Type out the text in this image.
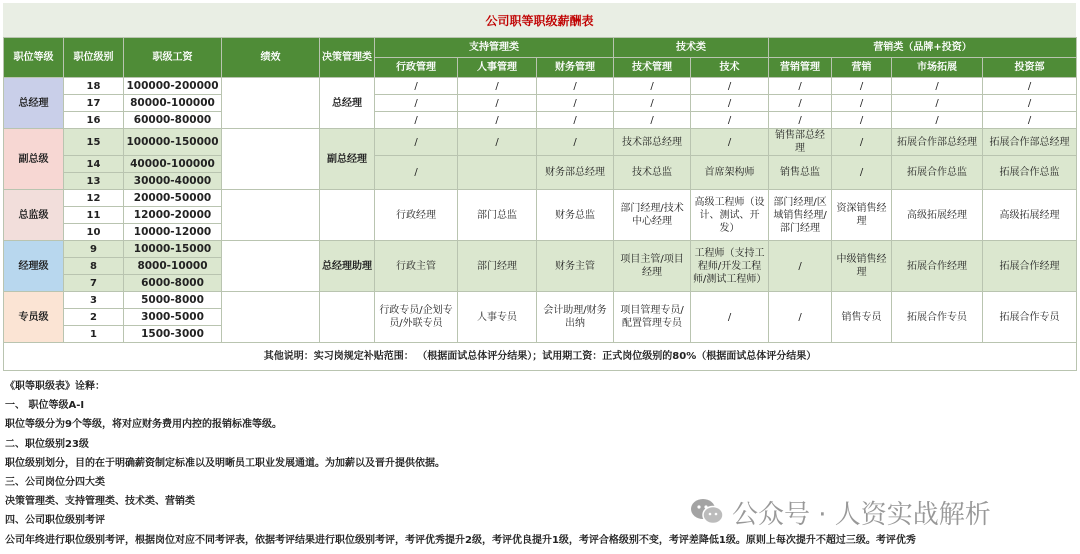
公司职等职级薪酬表
职位等级	职位级别	职级工资	绩效	决策管理类	支持管理类			技术类		营销类（品牌+投资）			
					行政管理	人事管理	财务管理	技术管理	技术	营销管理	营销	市场拓展	投资部
总经理	18	100000-200000		总经理	/	/	/	/	/	/	/	/	/
	17	80000-100000			/	/	/	/	/	/	/	/	/
	16	60000-80000			/	/	/	/	/	/	/	/	/
副总级	15	100000-150000		副总经理	/	/	/	技术部总经理	/	销售部总经理	/	拓展合作部总经理	拓展合作部总经理
	14	40000-100000			/		财务部总经理	技术总监	首席架构师	销售总监	/	拓展合作总监	拓展合作总监
	13	30000-40000											
总监级	12	20000-50000			行政经理	部门总监	财务总监	部门经理/技术中心经理	高级工程师（设计、测试、开发）	部门经理/区域销售经理/部门经理	资深销售经理	高级拓展经理	高级拓展经理
	11	12000-20000											
	10	10000-12000											
经理级	9	10000-15000		总经理助理	行政主管	部门经理	财务主管	项目主管/项目经理	工程师（支持工程师/开发工程师/测试工程师）	/	中级销售经理	拓展合作经理	拓展合作经理
	8	8000-10000											
	7	6000-8000											
专员级	3	5000-8000			行政专员/企划专员/外联专员	人事专员	会计助理/财务出纳	项目管理专员/配置管理专员	/	/	销售专员	拓展合作专员	拓展合作专员
	2	3000-5000											
	1	1500-3000											
其他说明：实习岗规定补贴范围： （根据面试总体评分结果）；试用期工资：正式岗位级别的80%（根据面试总体评分结果）													
《职等职级表》诠释：
一、 职位等级A-I
职位等级分为9个等级，将对应财务费用内控的报销标准等级。
二、职位级别23级
职位级别划分，目的在于明确薪资制定标准以及明晰员工职业发展通道。为加薪以及晋升提供依据。
三、公司岗位分四大类
决策管理类、支持管理类、技术类、营销类
四、公司职位级别考评
公司年终进行职位级别考评，根据岗位对应不同考评表，依据考评结果进行职位级别考评，考评优秀提升2级，考评优良提升1级，考评合格级别不变，考评差降低1级。原则上每次提升不超过三级。考评优秀
公众号 · 人资实战解析
